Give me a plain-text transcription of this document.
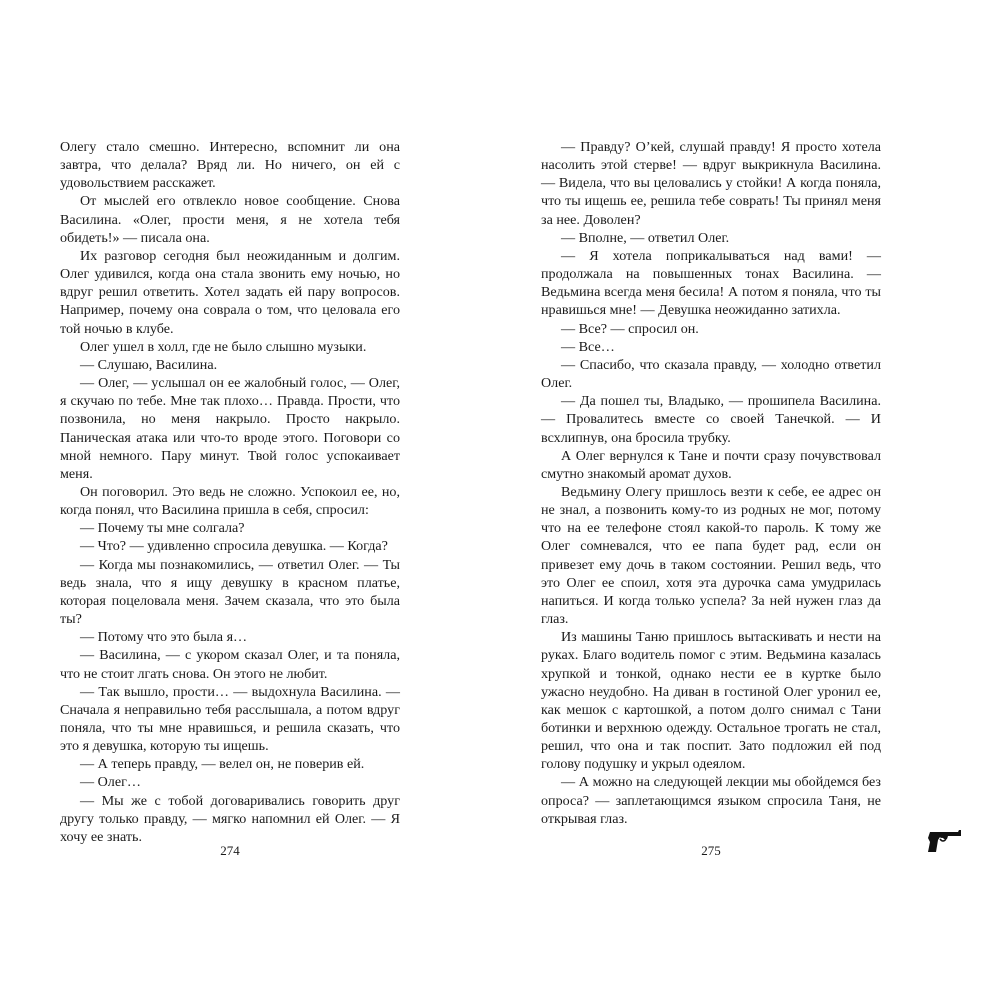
Олегу стало смешно. Интересно, вспомнит ли она завтра, что делала? Вряд ли. Но ничего, он ей с удовольствием расскажет.

От мыслей его отвлекло новое сообщение. Снова Василина. «Олег, прости меня, я не хотела тебя обидеть!» — писала она.

Их разговор сегодня был неожиданным и долгим. Олег удивился, когда она стала звонить ему ночью, но вдруг решил ответить. Хотел задать ей пару вопросов. Например, почему она соврала о том, что целовала его той ночью в клубе.

Олег ушел в холл, где не было слышно музыки.

— Слушаю, Василина.

— Олег, — услышал он ее жалобный голос, — Олег, я скучаю по тебе. Мне так плохо… Правда. Прости, что позвонила, но меня накрыло. Просто накрыло. Паническая атака или что-то вроде этого. Поговори со мной немного. Пару минут. Твой голос успокаивает меня.

Он поговорил. Это ведь не сложно. Успокоил ее, но, когда понял, что Василина пришла в себя, спросил:

— Почему ты мне солгала?

— Что? — удивленно спросила девушка. — Когда?

— Когда мы познакомились, — ответил Олег. — Ты ведь знала, что я ищу девушку в красном платье, которая поцеловала меня. Зачем сказала, что это была ты?

— Потому что это была я…

— Василина, — с укором сказал Олег, и та поняла, что не стоит лгать снова. Он этого не любит.

— Так вышло, прости… — выдохнула Василина. — Сначала я неправильно тебя расслышала, а потом вдруг поняла, что ты мне нравишься, и решила сказать, что это я девушка, которую ты ищешь.

— А теперь правду, — велел он, не поверив ей.

— Олег…

— Мы же с тобой договаривались говорить друг другу только правду, — мягко напомнил ей Олег. — Я хочу ее знать.

— Правду? О’кей, слушай правду! Я просто хотела насолить этой стерве! — вдруг выкрикнула Василина. — Видела, что вы целовались у стойки! А когда поняла, что ты ищешь ее, решила тебе соврать! Ты принял меня за нее. Доволен?

— Вполне, — ответил Олег.

— Я хотела поприкалываться над вами! — продолжала на повышенных тонах Василина. — Ведьмина всегда меня бесила! А потом я поняла, что ты нравишься мне! — Девушка неожиданно затихла.

— Все? — спросил он.

— Все…

— Спасибо, что сказала правду, — холодно ответил Олег.

— Да пошел ты, Владыко, — прошипела Василина. — Провалитесь вместе со своей Танечкой. — И всхлипнув, она бросила трубку.

А Олег вернулся к Тане и почти сразу почувствовал смутно знакомый аромат духов.

Ведьмину Олегу пришлось везти к себе, ее адрес он не знал, а позвонить кому-то из родных не мог, потому что на ее телефоне стоял какой-то пароль. К тому же Олег сомневался, что ее папа будет рад, если он привезет ему дочь в таком состоянии. Решил ведь, что это Олег ее споил, хотя эта дурочка сама умудрилась напиться. И когда только успела? За ней нужен глаз да глаз.

Из машины Таню пришлось вытаскивать и нести на руках. Благо водитель помог с этим. Ведьмина казалась хрупкой и тонкой, однако нести ее в куртке было ужасно неудобно. На диван в гостиной Олег уронил ее, как мешок с картошкой, а потом долго снимал с Тани ботинки и верхнюю одежду. Остальное трогать не стал, решил, что она и так поспит. Зато подложил ей под голову подушку и укрыл одеялом.

— А можно на следующей лекции мы обойдемся без опроса? — заплетающимся языком спросила Таня, не открывая глаз.

274	275
